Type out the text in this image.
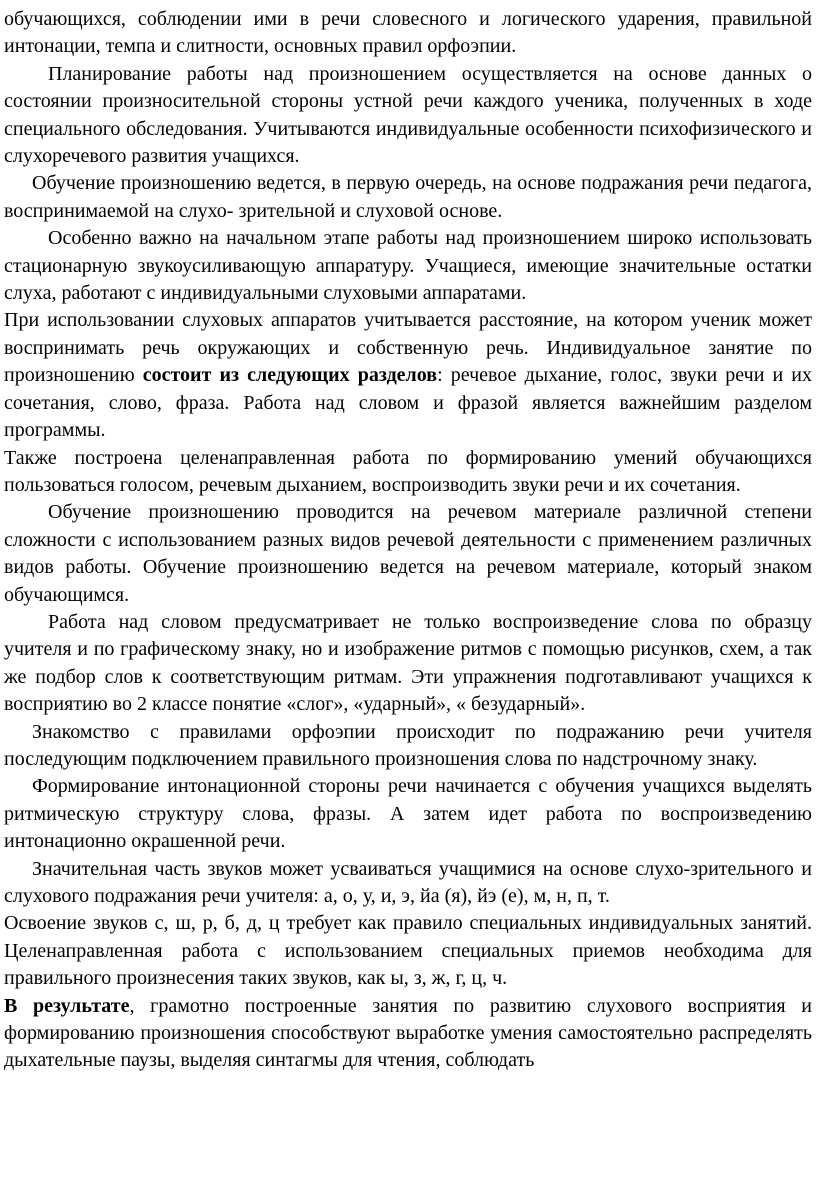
обучающихся, соблюдении ими в речи словесного и логического ударения, правильной интонации, темпа и слитности, основных правил орфоэпии.

Планирование работы над произношением осуществляется на основе данных о состоянии произносительной стороны устной речи каждого ученика, полученных в ходе специального обследования. Учитываются индивидуальные особенности психофизического и слухоречевого развития учащихся.

Обучение произношению ведется, в первую очередь, на основе подражания речи педагога, воспринимаемой на слухо- зрительной и слуховой основе.

Особенно важно на начальном этапе работы над произношением широко использовать стационарную звукоусиливающую аппаратуру. Учащиеся, имеющие значительные остатки слуха, работают с индивидуальными слуховыми аппаратами.

При использовании слуховых аппаратов учитывается расстояние, на котором ученик может воспринимать речь окружающих и собственную речь. Индивидуальное занятие по произношению состоит из следующих разделов: речевое дыхание, голос, звуки речи и их сочетания, слово, фраза. Работа над словом и фразой является важнейшим разделом программы.

Также построена целенаправленная работа по формированию умений обучающихся пользоваться голосом, речевым дыханием, воспроизводить звуки речи и их сочетания.

Обучение произношению проводится на речевом материале различной степени сложности с использованием разных видов речевой деятельности с применением различных видов работы. Обучение произношению ведется на речевом материале, который знаком обучающимся.

Работа над словом предусматривает не только воспроизведение слова по образцу учителя и по графическому знаку, но и изображение ритмов с помощью рисунков, схем, а так же подбор слов к соответствующим ритмам. Эти упражнения подготавливают учащихся к восприятию во 2 классе понятие «слог», «ударный», « безударный».

Знакомство с правилами орфоэпии происходит по подражанию речи учителя последующим подключением правильного произношения слова по надстрочному знаку.

Формирование интонационной стороны речи начинается с обучения учащихся выделять ритмическую структуру слова, фразы. А затем идет работа по воспроизведению интонационно окрашенной речи.

Значительная часть звуков может усваиваться учащимися на основе слухо-зрительного и слухового подражания речи учителя: а, о, у, и, э, йа (я), йэ (е), м, н, п, т.

Освоение звуков с, ш, р, б, д, ц требует как правило специальных индивидуальных занятий. Целенаправленная работа с использованием специальных приемов необходима для правильного произнесения таких звуков, как ы, з, ж, г, ц, ч.

В результате, грамотно построенные занятия по развитию слухового восприятия и формированию произношения способствуют выработке умения самостоятельно распределять дыхательные паузы, выделяя синтагмы для чтения, соблюдать
